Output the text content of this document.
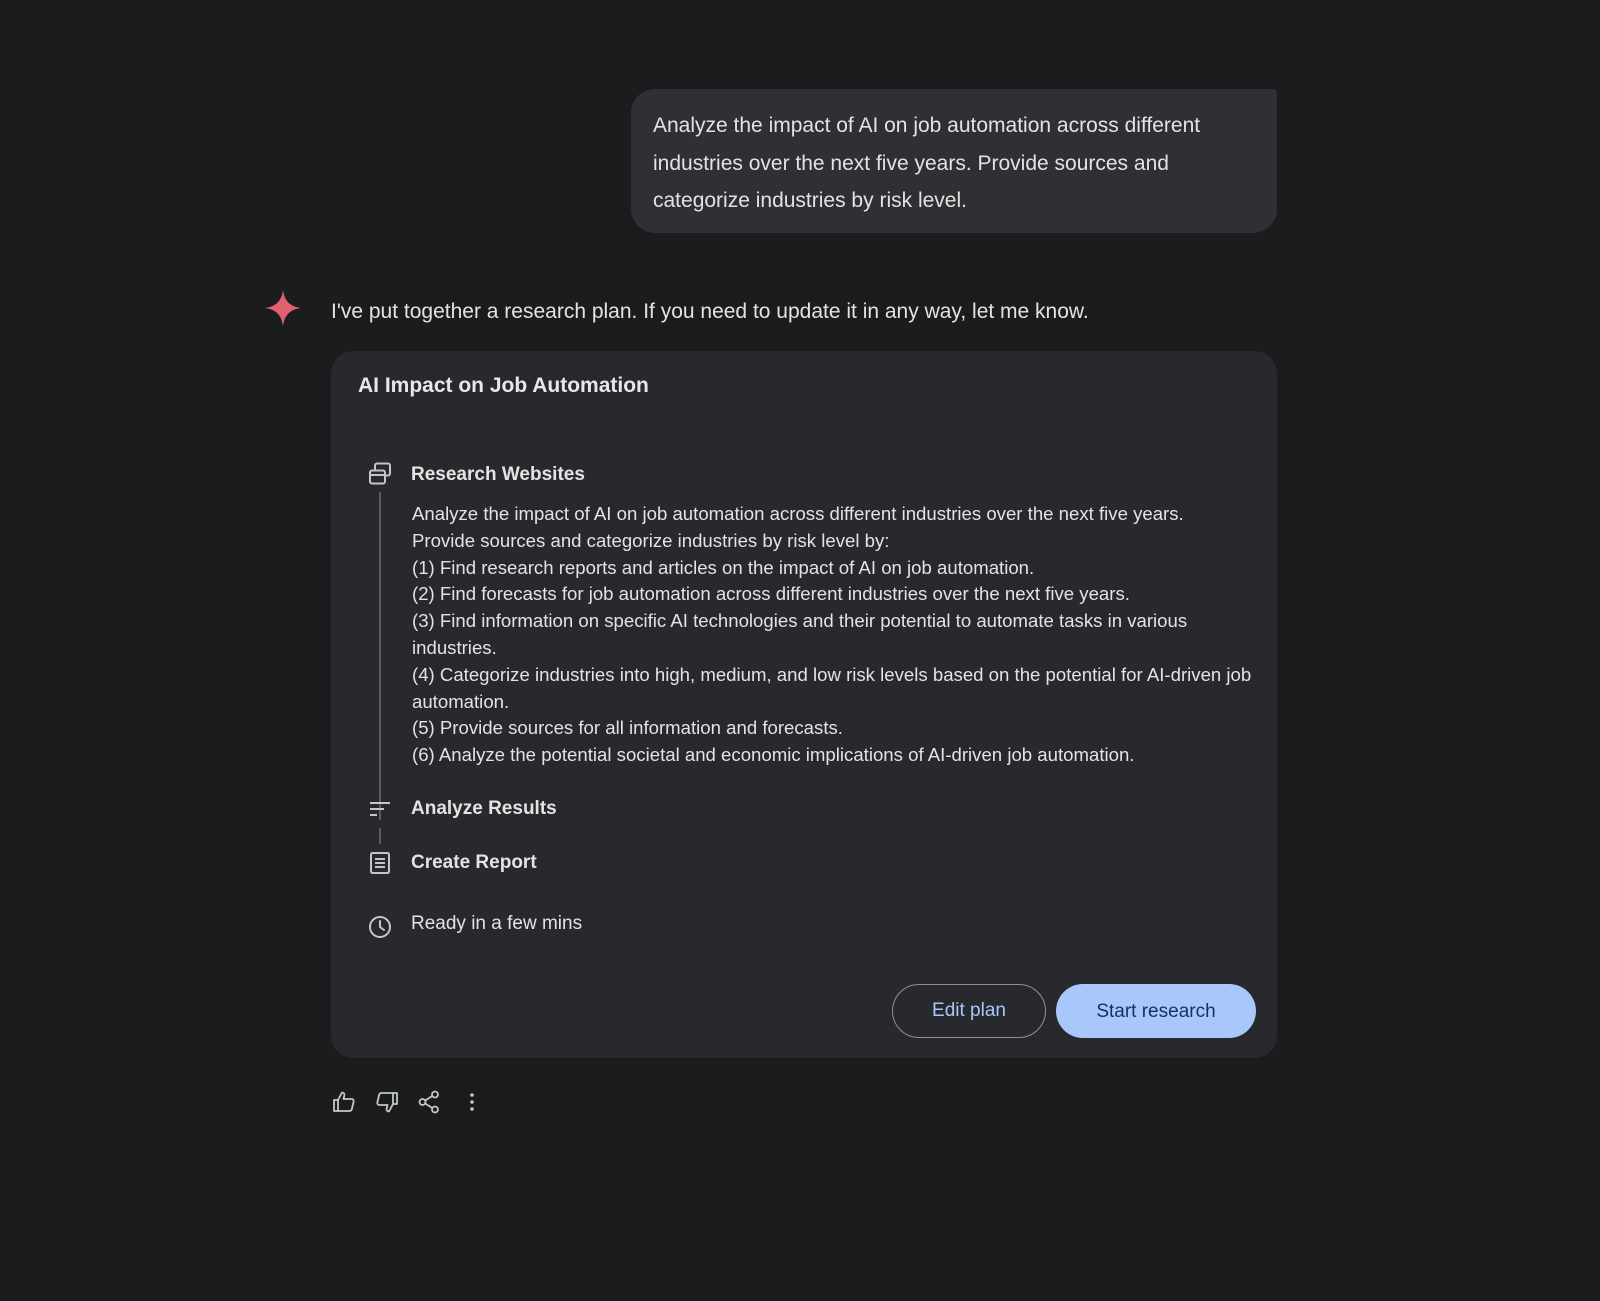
Analyze the impact of AI on job automation across different industries over the next five years. Provide sources and categorize industries by risk level.
I've put together a research plan. If you need to update it in any way, let me know.
AI Impact on Job Automation
Research Websites
Analyze the impact of AI on job automation across different industries over the next five years.
Provide sources and categorize industries by risk level by:
(1) Find research reports and articles on the impact of AI on job automation.
(2) Find forecasts for job automation across different industries over the next five years.
(3) Find information on specific AI technologies and their potential to automate tasks in various industries.
(4) Categorize industries into high, medium, and low risk levels based on the potential for AI-driven job automation.
(5) Provide sources for all information and forecasts.
(6) Analyze the potential societal and economic implications of AI-driven job automation.
Analyze Results
Create Report
Ready in a few mins
Edit plan	Start research
